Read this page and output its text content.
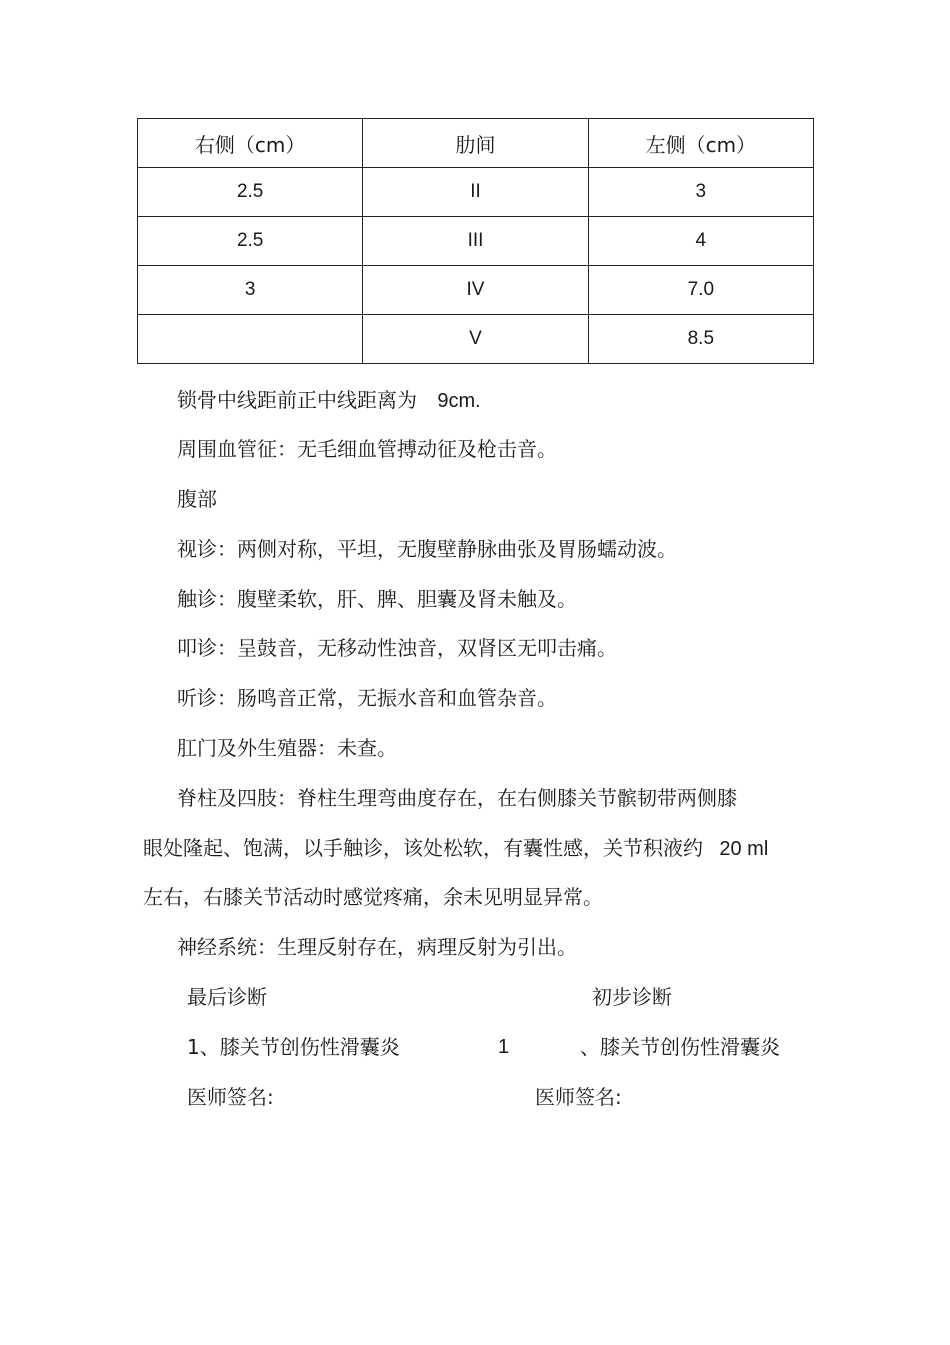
右侧（cm）	肋间	左侧（cm）
2.5	II	3
2.5	III	4
3	IV	7.0
	V	8.5
锁骨中线距前正中线距离为 9cm.
周围血管征：无毛细血管搏动征及枪击音。
腹部
视诊：两侧对称，平坦，无腹壁静脉曲张及胃肠蠕动波。
触诊：腹壁柔软，肝、脾、胆囊及肾未触及。
叩诊：呈鼓音，无移动性浊音，双肾区无叩击痛。
听诊：肠鸣音正常，无振水音和血管杂音。
肛门及外生殖器：未查。
脊柱及四肢：脊柱生理弯曲度存在，在右侧膝关节髌韧带两侧膝
眼处隆起、饱满，以手触诊，该处松软，有囊性感，关节积液约 20 ml
左右，右膝关节活动时感觉疼痛，余未见明显异常。
神经系统：生理反射存在，病理反射为引出。
最后诊断	初步诊断
1、膝关节创伤性滑囊炎	1	、膝关节创伤性滑囊炎
医师签名:	医师签名:
